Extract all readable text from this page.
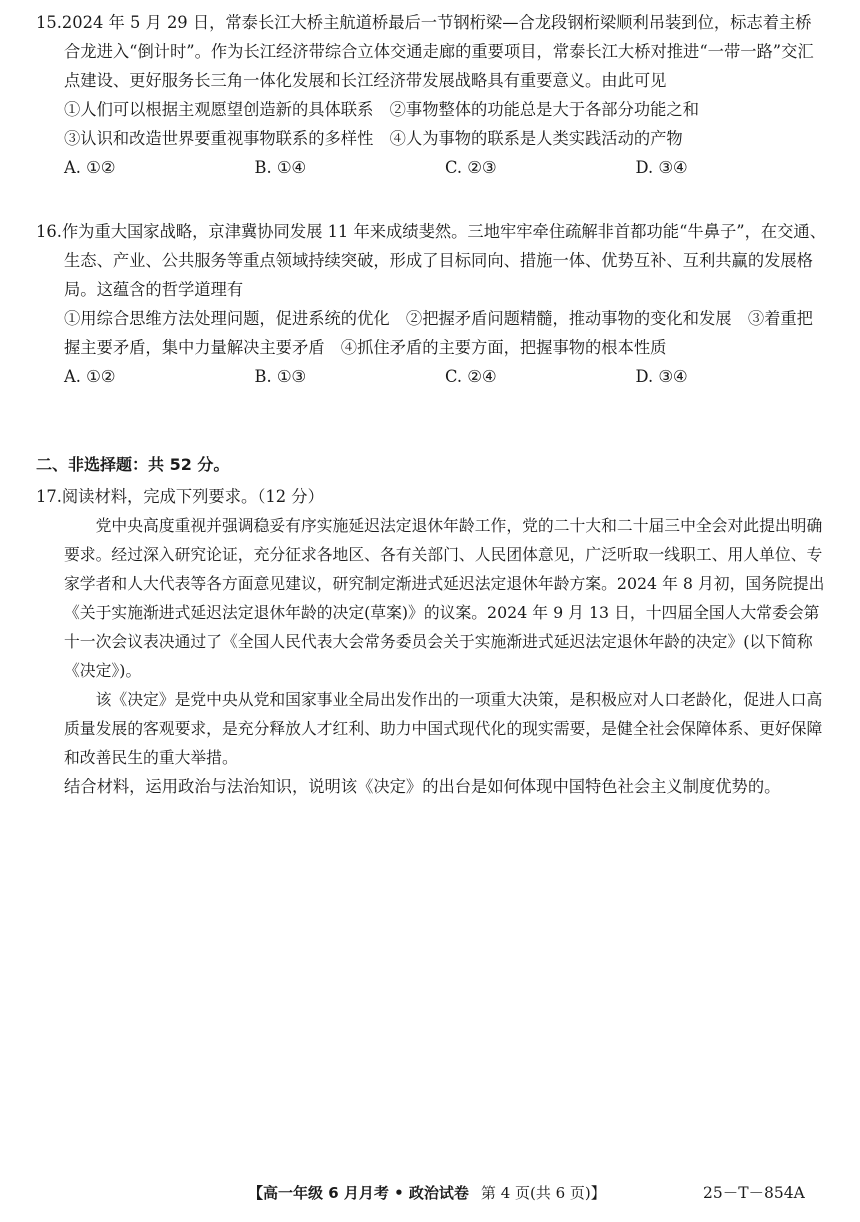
15.2024 年 5 月 29 日，常泰长江大桥主航道桥最后一节钢桁梁—合龙段钢桁梁顺利吊装到位，标志着主桥合龙进入“倒计时”。作为长江经济带综合立体交通走廊的重要项目，常泰长江大桥对推进“一带一路”交汇点建设、更好服务长三角一体化发展和长江经济带发展战略具有重要意义。由此可见

①人们可以根据主观愿望创造新的具体联系　②事物整体的功能总是大于各部分功能之和

③认识和改造世界要重视事物联系的多样性　④人为事物的联系是人类实践活动的产物

A. ①②	B. ①④	C. ②③	D. ③④

16.作为重大国家战略，京津冀协同发展 11 年来成绩斐然。三地牢牢牵住疏解非首都功能“牛鼻子”，在交通、生态、产业、公共服务等重点领域持续突破，形成了目标同向、措施一体、优势互补、互利共赢的发展格局。这蕴含的哲学道理有

①用综合思维方法处理问题，促进系统的优化　②把握矛盾问题精髓，推动事物的变化和发展　③着重把握主要矛盾，集中力量解决主要矛盾　④抓住矛盾的主要方面，把握事物的根本性质

A. ①②	B. ①③	C. ②④	D. ③④
二、非选择题：共 52 分。

17.阅读材料，完成下列要求。（12 分）

党中央高度重视并强调稳妥有序实施延迟法定退休年龄工作，党的二十大和二十届三中全会对此提出明确要求。经过深入研究论证，充分征求各地区、各有关部门、人民团体意见，广泛听取一线职工、用人单位、专家学者和人大代表等各方面意见建议，研究制定渐进式延迟法定退休年龄方案。2024 年 8 月初，国务院提出《关于实施渐进式延迟法定退休年龄的决定(草案)》的议案。2024 年 9 月 13 日，十四届全国人大常委会第十一次会议表决通过了《全国人民代表大会常务委员会关于实施渐进式延迟法定退休年龄的决定》(以下简称《决定》)。

该《决定》是党中央从党和国家事业全局出发作出的一项重大决策，是积极应对人口老龄化，促进人口高质量发展的客观要求，是充分释放人才红利、助力中国式现代化的现实需要，是健全社会保障体系、更好保障和改善民生的重大举措。

结合材料，运用政治与法治知识，说明该《决定》的出台是如何体现中国特色社会主义制度优势的。

【高一年级 6 月月考 • 政治试卷 第 4 页(共 6 页)】	25－T－854A
